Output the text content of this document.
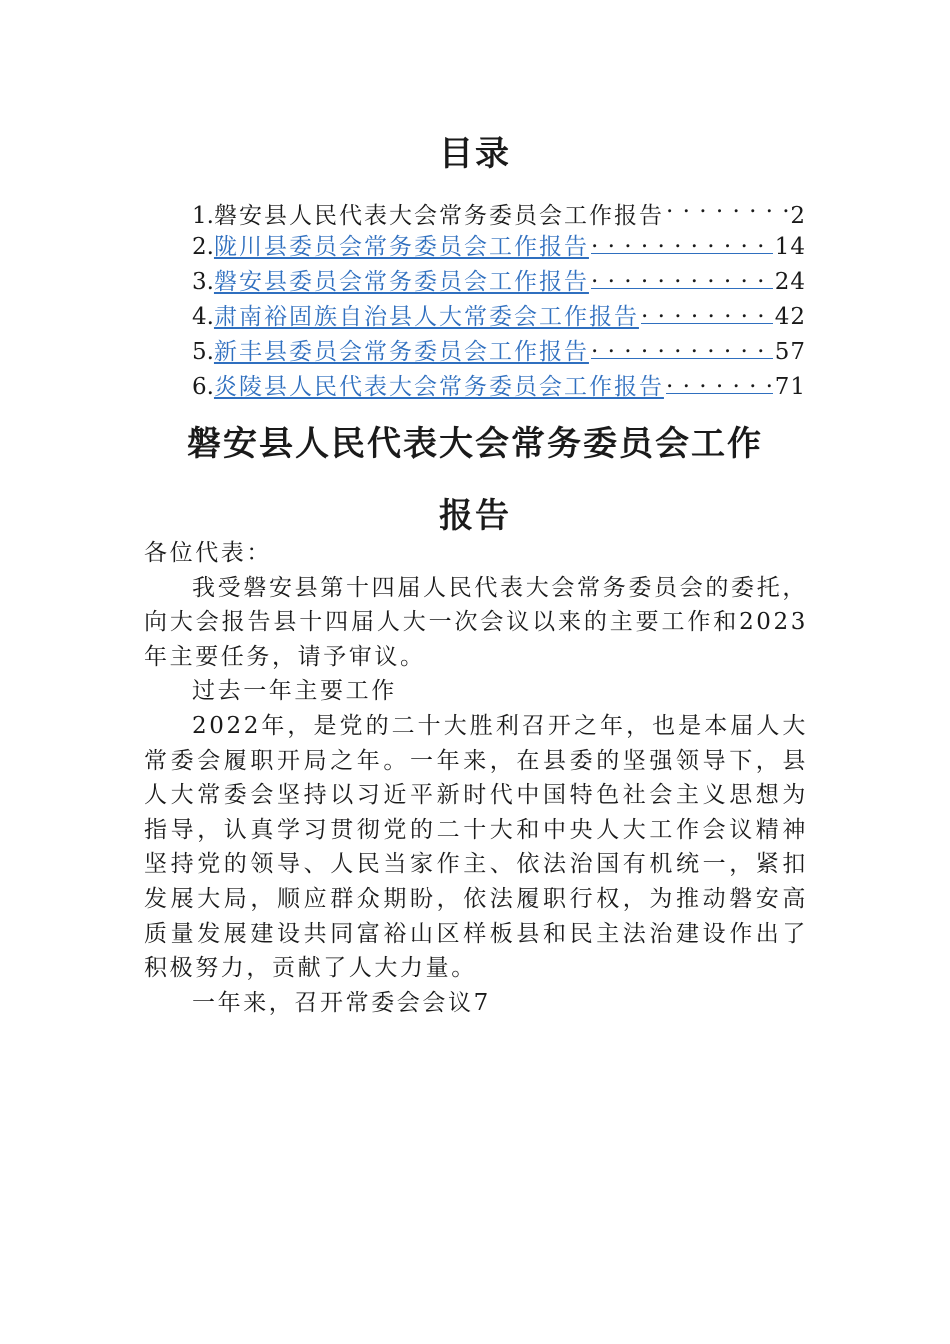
目录
1. 磐安县人民代表大会常务委员会工作报告 . . .	2
2. 陇川县委员会常务委员会工作报告 . . .	14
3. 磐安县委员会常务委员会工作报告 . . .	24
4. 肃南裕固族自治县人大常委会工作报告 . . .	42
5. 新丰县委员会常务委员会工作报告 . . .	57
6. 炎陵县人民代表大会常务委员会工作报告 . . .	71
磐安县人民代表大会常务委员会工作
报告

各位代表：

我受磐安县第十四届人民代表大会常务委员会的委托，向大会报告县十四届人大一次会议以来的主要工作和2023年主要任务，请予审议。

过去一年主要工作

2022年，是党的二十大胜利召开之年，也是本届人大常委会履职开局之年。一年来，在县委的坚强领导下，县人大常委会坚持以习近平新时代中国特色社会主义思想为指导，认真学习贯彻党的二十大和中央人大工作会议精神坚持党的领导、人民当家作主、依法治国有机统一，紧扣发展大局，顺应群众期盼，依法履职行权，为推动磐安高质量发展建设共同富裕山区样板县和民主法治建设作出了积极努力，贡献了人大力量。

一年来，召开常委会会议7
